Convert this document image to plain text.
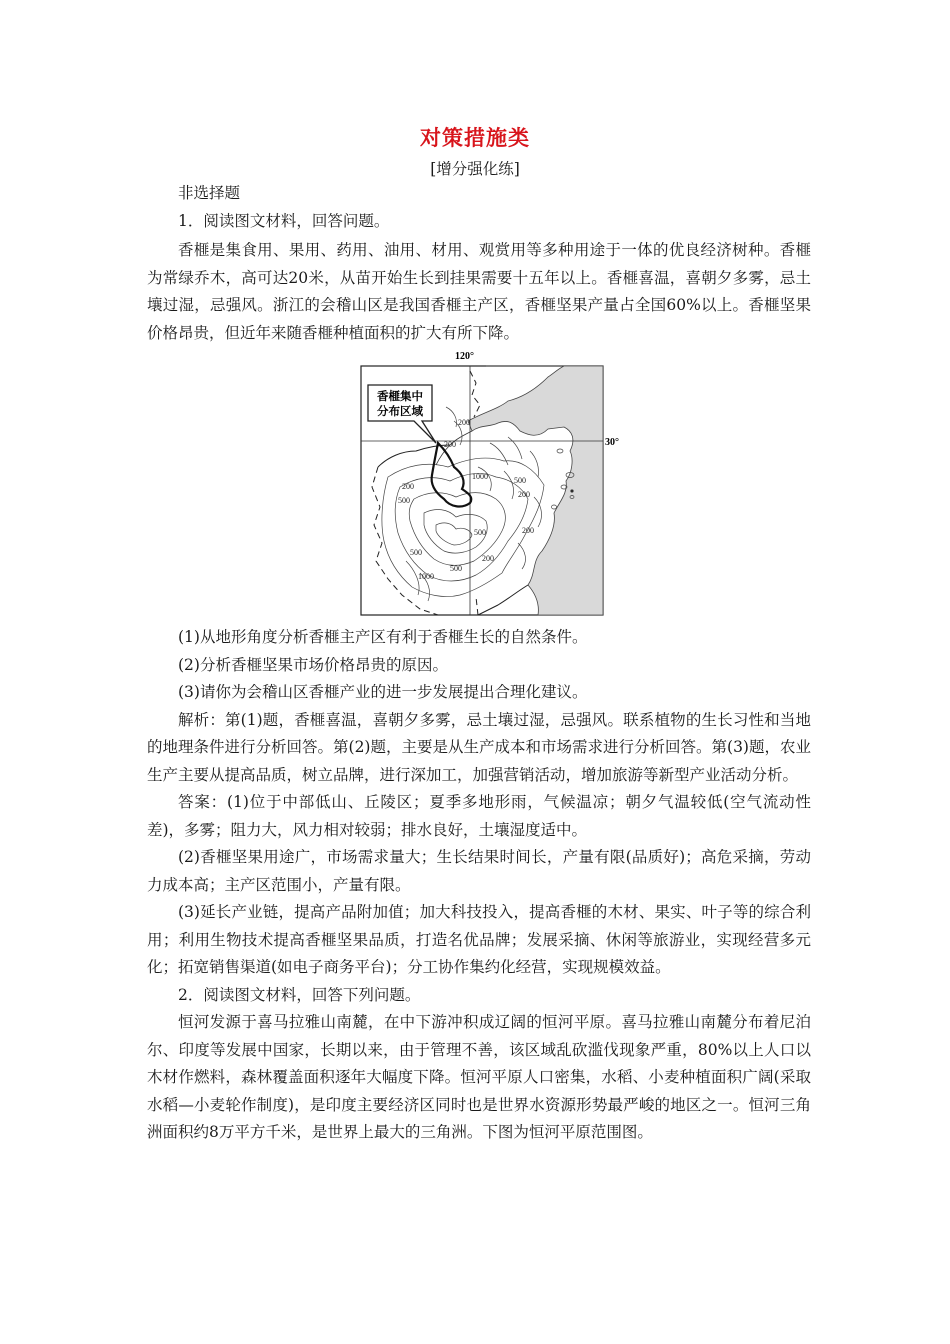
对策措施类
[增分强化练]

非选择题

1．阅读图文材料，回答问题。

香榧是集食用、果用、药用、油用、材用、观赏用等多种用途于一体的优良经济树种。香榧为常绿乔木，高可达20米，从苗开始生长到挂果需要十五年以上。香榧喜温，喜朝夕多雾，忌土壤过湿，忌强风。浙江的会稽山区是我国香榧主产区，香榧坚果产量占全国60%以上。香榧坚果价格昂贵，但近年来随香榧种植面积的扩大有所下降。

120°
30°
香榧集中
分布区域
200
200
200
200
200
200
500
500
500
500
500
1000
1000

(1)从地形角度分析香榧主产区有利于香榧生长的自然条件。

(2)分析香榧坚果市场价格昂贵的原因。

(3)请你为会稽山区香榧产业的进一步发展提出合理化建议。

解析：第(1)题，香榧喜温，喜朝夕多雾，忌土壤过湿，忌强风。联系植物的生长习性和当地的地理条件进行分析回答。第(2)题，主要是从生产成本和市场需求进行分析回答。第(3)题，农业生产主要从提高品质，树立品牌，进行深加工，加强营销活动，增加旅游等新型产业活动分析。

答案：(1)位于中部低山、丘陵区；夏季多地形雨，气候温凉；朝夕气温较低(空气流动性差)，多雾；阻力大，风力相对较弱；排水良好，土壤湿度适中。

(2)香榧坚果用途广，市场需求量大；生长结果时间长，产量有限(品质好)；高危采摘，劳动力成本高；主产区范围小，产量有限。

(3)延长产业链，提高产品附加值；加大科技投入，提高香榧的木材、果实、叶子等的综合利用；利用生物技术提高香榧坚果品质，打造名优品牌；发展采摘、休闲等旅游业，实现经营多元化；拓宽销售渠道(如电子商务平台)；分工协作集约化经营，实现规模效益。

2．阅读图文材料，回答下列问题。

恒河发源于喜马拉雅山南麓，在中下游冲积成辽阔的恒河平原。喜马拉雅山南麓分布着尼泊尔、印度等发展中国家，长期以来，由于管理不善，该区域乱砍滥伐现象严重，80%以上人口以木材作燃料，森林覆盖面积逐年大幅度下降。恒河平原人口密集，水稻、小麦种植面积广阔(采取水稻—小麦轮作制度)，是印度主要经济区同时也是世界水资源形势最严峻的地区之一。恒河三角洲面积约8万平方千米，是世界上最大的三角洲。下图为恒河平原范围图。
